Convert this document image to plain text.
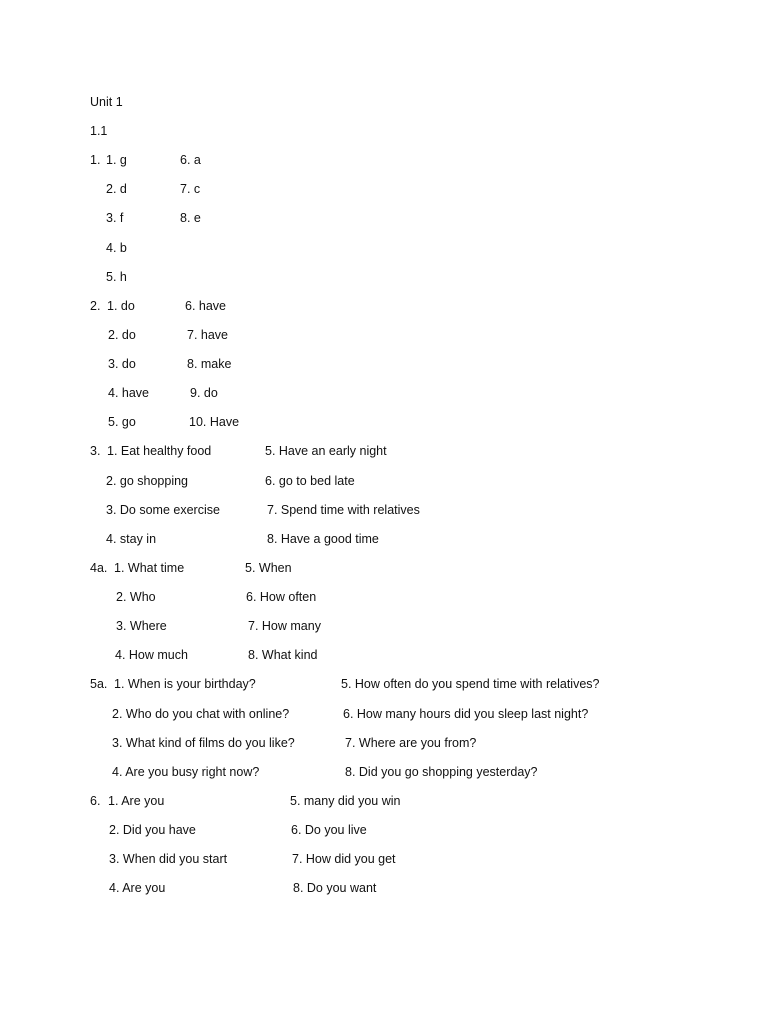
Unit 1
1.1
1. 1. g
2. d
3. f
4. b
5. h
6. a
7. c
8. e
2. 1. do
2. do
3. do
4. have
5. go
6. have
7. have
8. make
9. do
10. Have
3. 1. Eat healthy food
2. go shopping
3. Do some exercise
4. stay in
5. Have an early night
6. go to bed late
7. Spend time with relatives
8. Have a good time
4a. 1. What time
2. Who
3. Where
4. How much
5. When
6. How often
7. How many
8. What kind
5a. 1. When is your birthday?
2. Who do you chat with online?
3. What kind of films do you like?
4. Are you busy right now?
5. How often do you spend time with relatives?
6. How many hours did you sleep last night?
7. Where are you from?
8. Did you go shopping yesterday?
6. 1. Are you
2. Did you have
3. When did you start
4. Are you
5. many did you win
6. Do you live
7. How did you get
8. Do you want
